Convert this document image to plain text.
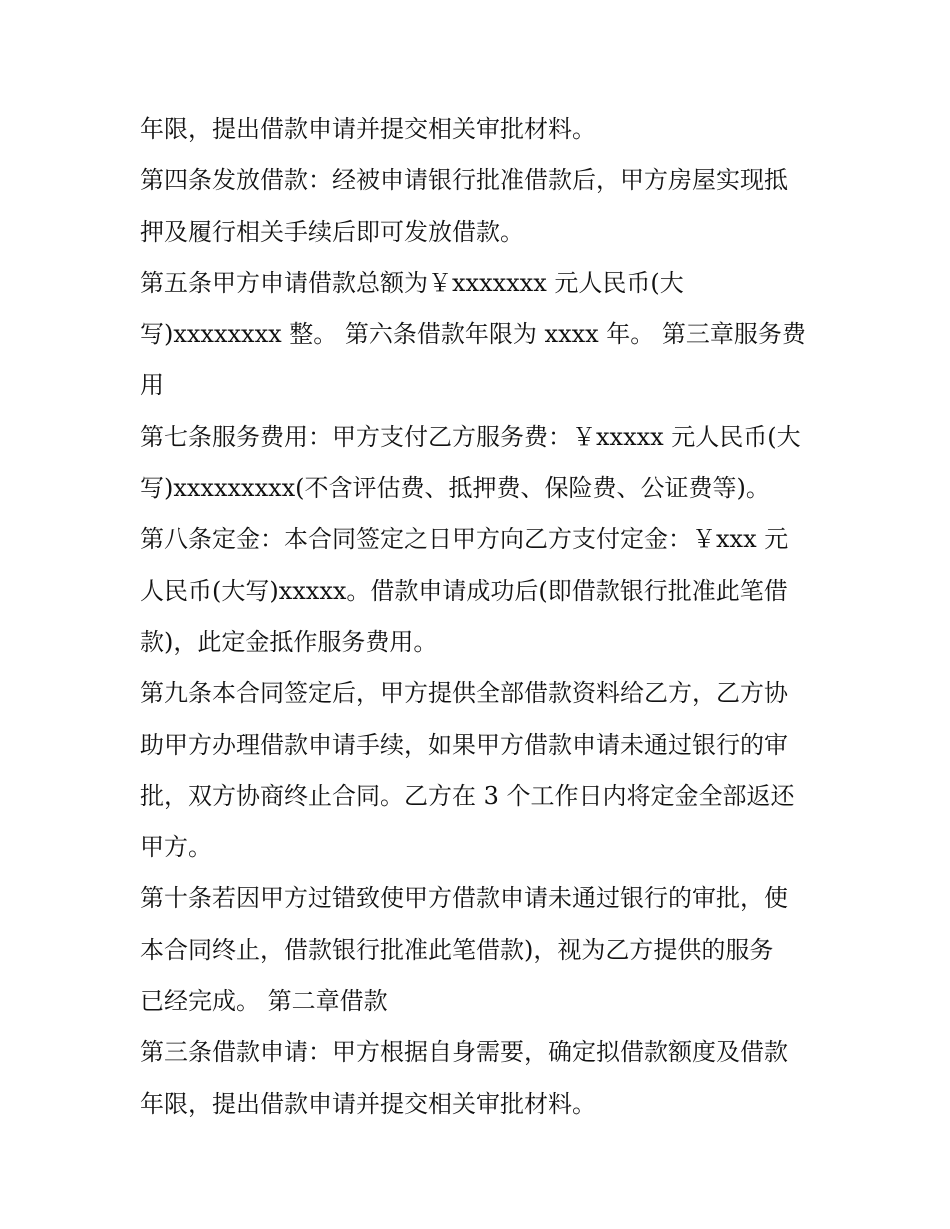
年限，提出借款申请并提交相关审批材料。
第四条发放借款：经被申请银行批准借款后，甲方房屋实现抵
押及履行相关手续后即可发放借款。
第五条甲方申请借款总额为￥xxxxxxx 元人民币(大
写)xxxxxxxx 整。 第六条借款年限为 xxxx 年。 第三章服务费
用
第七条服务费用：甲方支付乙方服务费：￥xxxxx 元人民币(大
写)xxxxxxxxx(不含评估费、抵押费、保险费、公证费等)。
第八条定金：本合同签定之日甲方向乙方支付定金：￥xxx 元
人民币(大写)xxxxx。借款申请成功后(即借款银行批准此笔借
款)，此定金抵作服务费用。
第九条本合同签定后，甲方提供全部借款资料给乙方，乙方协
助甲方办理借款申请手续，如果甲方借款申请未通过银行的审
批，双方协商终止合同。乙方在 3 个工作日内将定金全部返还
甲方。
第十条若因甲方过错致使甲方借款申请未通过银行的审批，使
本合同终止，借款银行批准此笔借款)，视为乙方提供的服务
已经完成。 第二章借款
第三条借款申请：甲方根据自身需要，确定拟借款额度及借款
年限，提出借款申请并提交相关审批材料。
